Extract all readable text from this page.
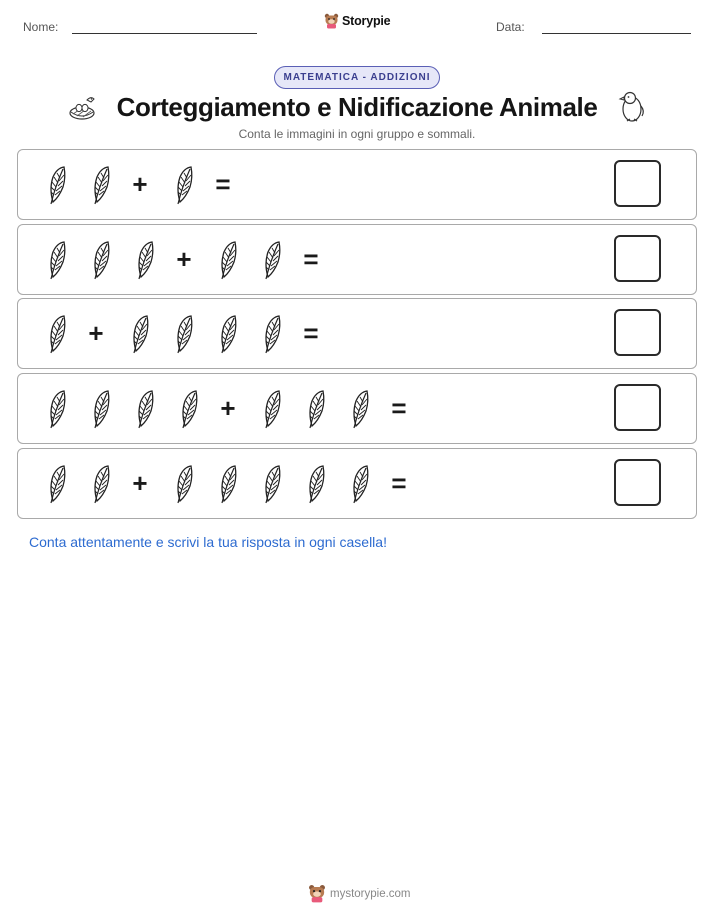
Nome:	Storypie	Data:
MATEMATICA - ADDIZIONI
Corteggiamento e Nidificazione Animale
Conta le immagini in ogni gruppo e sommali.
+	=
+	=
+	=
+	=
+	=
Conta attentamente e scrivi la tua risposta in ogni casella!
mystorypie.com
